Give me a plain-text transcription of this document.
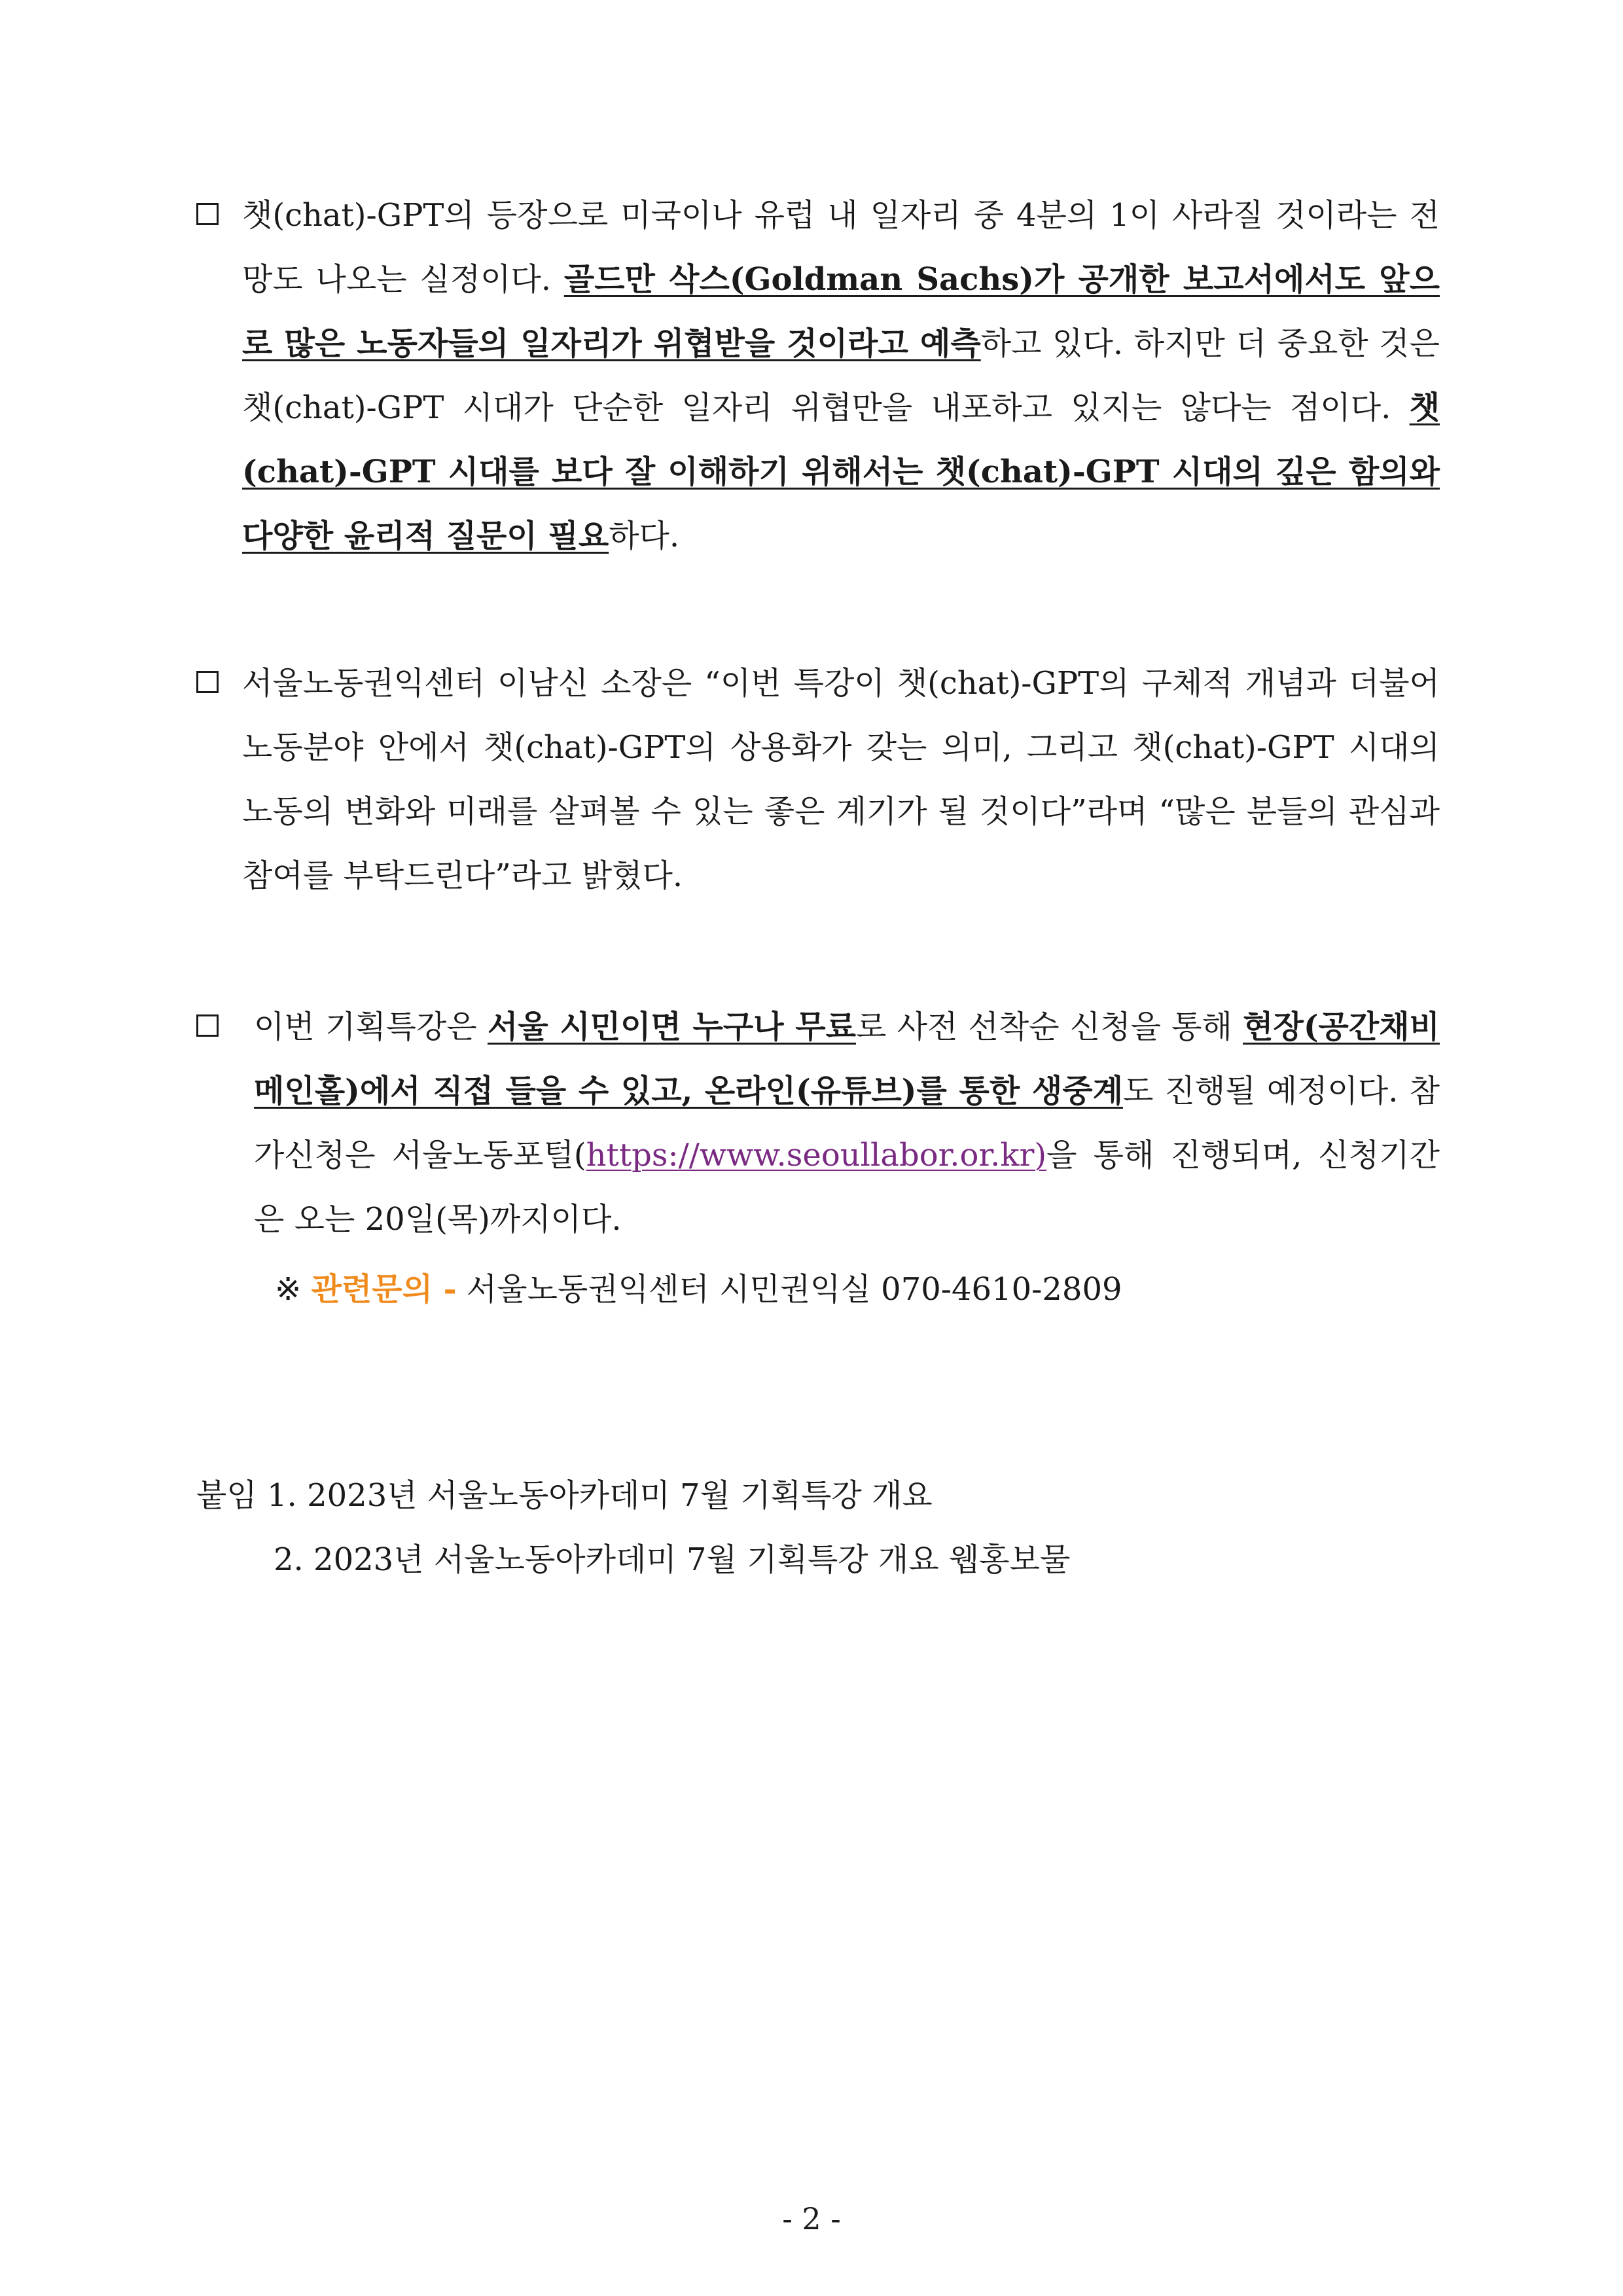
챗(chat)-GPT의 등장으로 미국이나 유럽 내 일자리 중 4분의 1이 사라질 것이라는 전망도 나오는 실정이다. 골드만 삭스(Goldman Sachs)가 공개한 보고서에서도 앞으로 많은 노동자들의 일자리가 위협받을 것이라고 예측하고 있다. 하지만 더 중요한 것은 챗(chat)-GPT 시대가 단순한 일자리 위협만을 내포하고 있지는 않다는 점이다. 챗(chat)-GPT 시대를 보다 잘 이해하기 위해서는 챗(chat)-GPT 시대의 깊은 함의와 다양한 윤리적 질문이 필요하다.
서울노동권익센터 이남신 소장은 “이번 특강이 챗(chat)-GPT의 구체적 개념과 더불어 노동분야 안에서 챗(chat)-GPT의 상용화가 갖는 의미, 그리고 챗(chat)-GPT 시대의 노동의 변화와 미래를 살펴볼 수 있는 좋은 계기가 될 것이다”라며 “많은 분들의 관심과 참여를 부탁드린다”라고 밝혔다.
이번 기획특강은 서울 시민이면 누구나 무료로 사전 선착순 신청을 통해 현장(공간채비 메인홀)에서 직접 들을 수 있고, 온라인(유튜브)를 통한 생중계도 진행될 예정이다. 참가신청은 서울노동포털(https://www.seoullabor.or.kr)을 통해 진행되며, 신청기간은 오는 20일(목)까지이다.
※ 관련문의 - 서울노동권익센터 시민권익실 070-4610-2809
붙임 1. 2023년 서울노동아카데미 7월 기획특강 개요
2. 2023년 서울노동아카데미 7월 기획특강 개요 웹홍보물
- 2 -
